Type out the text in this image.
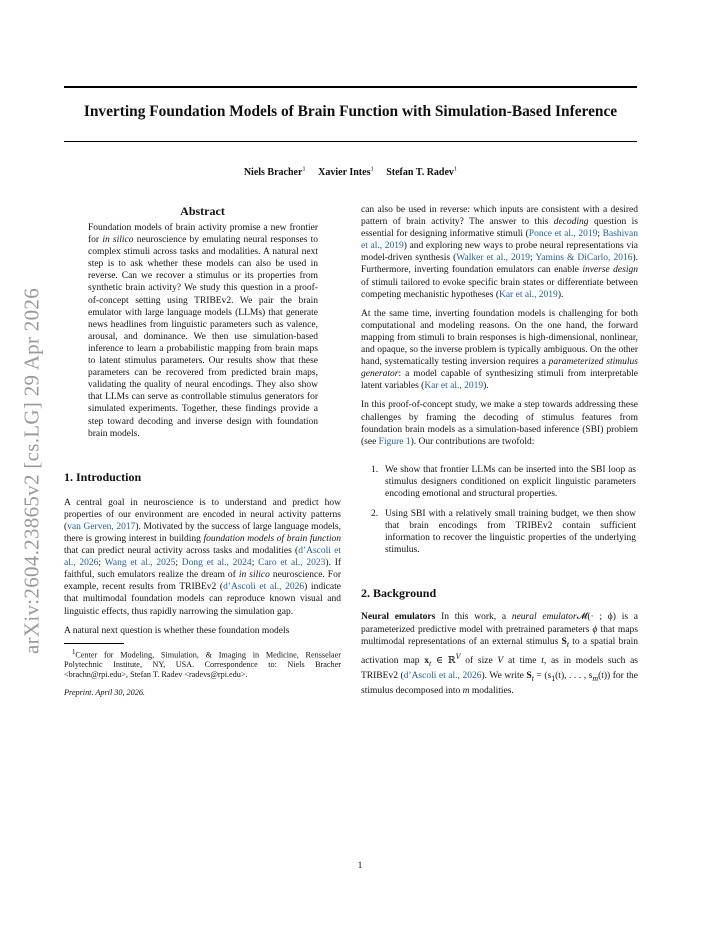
Inverting Foundation Models of Brain Function with Simulation-Based Inference
Niels Bracher$^1$ Xavier Intes$^1$ Stefan T. Radev$^1$
arXiv:2604.23865v2 [cs.LG] 29 Apr 2026
Abstract
Foundation models of brain activity promise a new frontier for in silico neuroscience by emulating neural responses to complex stimuli across tasks and modalities. A natural next step is to ask whether these models can also be used in reverse. Can we recover a stimulus or its properties from synthetic brain activity? We study this question in a proof-of-concept setting using TRIBEv2. We pair the brain emulator with large language models (LLMs) that generate news headlines from linguistic parameters such as valence, arousal, and dominance. We then use simulation-based inference to learn a probabilistic mapping from brain maps to latent stimulus parameters. Our results show that these parameters can be recovered from predicted brain maps, validating the quality of neural encodings. They also show that LLMs can serve as controllable stimulus generators for simulated experiments. Together, these findings provide a step toward decoding and inverse design with foundation brain models.
1. Introduction

A central goal in neuroscience is to understand and predict how properties of our environment are encoded in neural activity patterns (van Gerven, 2017). Motivated by the success of large language models, there is growing interest in building foundation models of brain function that can predict neural activity across tasks and modalities (d’Ascoli et al., 2026; Wang et al., 2025; Dong et al., 2024; Caro et al., 2023). If faithful, such emulators realize the dream of in silico neuroscience. For example, recent results from TRIBEv2 (d’Ascoli et al., 2026) indicate that multimodal foundation models can reproduce known visual and linguistic effects, thus rapidly narrowing the simulation gap.

A natural next question is whether these foundation models

$^1$Center for Modeling, Simulation, & Imaging in Medicine, Rensselaer Polytechnic Institute, NY, USA. Correspondence to: Niels Bracher <brachn@rpi.edu>, Stefan T. Radev <radevs@rpi.edu>.
Preprint. April 30, 2026.

can also be used in reverse: which inputs are consistent with a desired pattern of brain activity? The answer to this decoding question is essential for designing informative stimuli (Ponce et al., 2019; Bashivan et al., 2019) and exploring new ways to probe neural representations via model-driven synthesis (Walker et al., 2019; Yamins & DiCarlo, 2016). Furthermore, inverting foundation emulators can enable inverse design of stimuli tailored to evoke specific brain states or differentiate between competing mechanistic hypotheses (Kar et al., 2019).

At the same time, inverting foundation models is challenging for both computational and modeling reasons. On the one hand, the forward mapping from stimuli to brain responses is high-dimensional, nonlinear, and opaque, so the inverse problem is typically ambiguous. On the other hand, systematically testing inversion requires a parameterized stimulus generator: a model capable of synthesizing stimuli from interpretable latent variables (Kar et al., 2019).

In this proof-of-concept study, we make a step towards addressing these challenges by framing the decoding of stimulus features from foundation brain models as a simulation-based inference (SBI) problem (see Figure 1). Our contributions are twofold:

1. We show that frontier LLMs can be inserted into the SBI loop as stimulus designers conditioned on explicit linguistic parameters encoding emotional and structural properties.
2. Using SBI with a relatively small training budget, we then show that brain encodings from TRIBEv2 contain sufficient information to recover the linguistic properties of the underlying stimulus.
2. Background

Neural emulators In this work, a neural emulator𝓜(· ; ϕ) is a parameterized predictive model with pretrained parameters ϕ that maps multimodal representations of an external stimulus $S_t$ to a spatial brain activation map $x_t$ ∈ ℝ$^V$ of size V at time t, as in models such as TRIBEv2 (d’Ascoli et al., 2026). We write $S_t = (s_1(t)$, . . . , $s_m(t)$) for the stimulus decomposed into m modalities.

1
